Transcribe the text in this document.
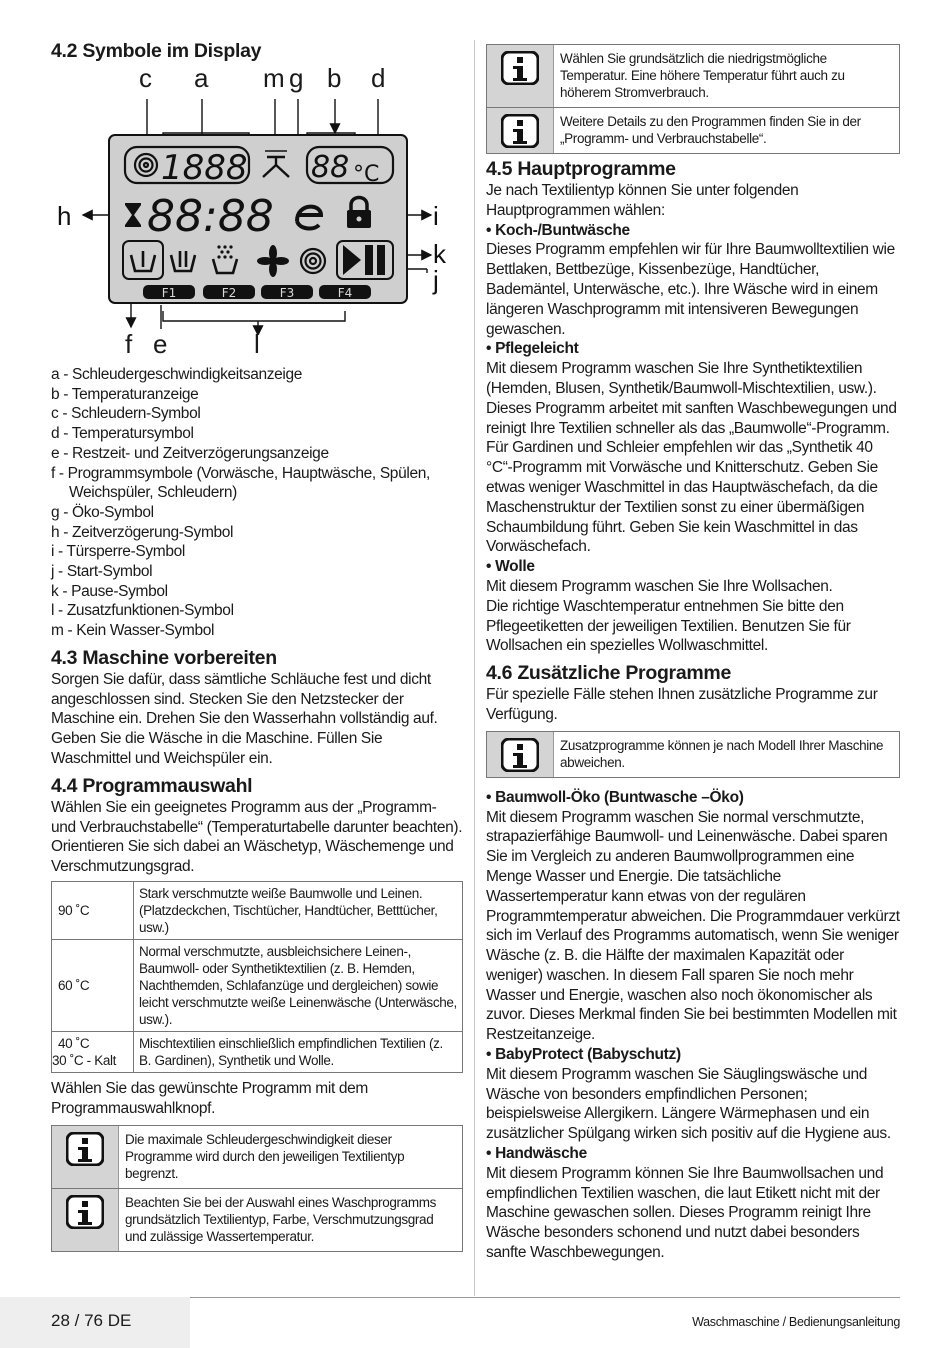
4.2 Symbole im Display
c a m g b d
1888 88 °C
88:88
F1	F2	F3	F4
h	i
k
j
f e	l
a - Schleudergeschwindigkeitsanzeige
b - Temperaturanzeige
c - Schleudern-Symbol
d - Temperatursymbol
e - Restzeit- und Zeitverzögerungsanzeige
f - Programmsymbole (Vorwäsche, Hauptwäsche, Spülen,
Weichspüler, Schleudern)
g - Öko-Symbol
h - Zeitverzögerung-Symbol
i - Türsperre-Symbol
j - Start-Symbol
k - Pause-Symbol
l - Zusatzfunktionen-Symbol
m - Kein Wasser-Symbol
4.3 Maschine vorbereiten

Sorgen Sie dafür, dass sämtliche Schläuche fest und dicht angeschlossen sind. Stecken Sie den Netzstecker der Maschine ein. Drehen Sie den Wasserhahn vollständig auf. Geben Sie die Wäsche in die Maschine. Füllen Sie Waschmittel und Weichspüler ein.

4.4 Programmauswahl

Wählen Sie ein geeignetes Programm aus der „Programm- und Verbrauchstabelle“ (Temperaturtabelle darunter beachten). Orientieren Sie sich dabei an Wäschetyp, Wäschemenge und Verschmutzungsgrad.

90 ˚C	Stark verschmutzte weiße Baumwolle und Leinen. (Platzdeckchen, Tischtücher, Handtücher, Betttücher, usw.)
60 ˚C	Normal verschmutzte, ausbleichsichere Leinen-, Baumwoll- oder Synthetiktextilien (z. B. Hemden, Nachthemden, Schlafanzüge und dergleichen) sowie leicht verschmutzte weiße Leinenwäsche (Unterwäsche, usw.).

40 ˚C
30 ˚C - Kalt	Mischtextilien einschließlich empfindlichen Textilien (z. B. Gardinen), Synthetik und Wolle.

Wählen Sie das gewünschte Programm mit dem Programmauswahlknopf.

Die maximale Schleudergeschwindigkeit dieser Programme wird durch den jeweiligen Textilientyp begrenzt.
Beachten Sie bei der Auswahl eines Waschprogramms grundsätzlich Textilientyp, Farbe, Verschmutzungsgrad und zulässige Wassertemperatur.
Wählen Sie grundsätzlich die niedrigstmögliche Temperatur. Eine höhere Temperatur führt auch zu höherem Stromverbrauch.
Weitere Details zu den Programmen finden Sie in der „Programm- und Verbrauchstabelle“.
4.5 Hauptprogramme

Je nach Textilientyp können Sie unter folgenden Hauptprogrammen wählen:

• Koch-/Buntwäsche

Dieses Programm empfehlen wir für Ihre Baumwolltextilien wie Bettlaken, Bettbezüge, Kissenbezüge, Handtücher, Bademäntel, Unterwäsche, etc.). Ihre Wäsche wird in einem längeren Waschprogramm mit intensiveren Bewegungen gewaschen.

• Pflegeleicht

Mit diesem Programm waschen Sie Ihre Synthetiktextilien (Hemden, Blusen, Synthetik/Baumwoll-Mischtextilien, usw.). Dieses Programm arbeitet mit sanften Waschbewegungen und reinigt Ihre Textilien schneller als das „Baumwolle“-Programm.

Für Gardinen und Schleier empfehlen wir das „Synthetik 40 °C“-Programm mit Vorwäsche und Knitterschutz. Geben Sie etwas weniger Waschmittel in das Hauptwäschefach, da die Maschenstruktur der Textilien sonst zu einer übermäßigen Schaumbildung führt. Geben Sie kein Waschmittel in das Vorwäschefach.

• Wolle

Mit diesem Programm waschen Sie Ihre Wollsachen.

Die richtige Waschtemperatur entnehmen Sie bitte den Pflegeetiketten der jeweiligen Textilien. Benutzen Sie für Wollsachen ein spezielles Wollwaschmittel.

4.6 Zusätzliche Programme

Für spezielle Fälle stehen Ihnen zusätzliche Programme zur Verfügung.

Zusatzprogramme können je nach Modell Ihrer Maschine abweichen.
• Baumwoll-Öko (Buntwasche –Öko)

Mit diesem Programm waschen Sie normal verschmutzte, strapazierfähige Baumwoll- und Leinenwäsche. Dabei sparen Sie im Vergleich zu anderen Baumwollprogrammen eine Menge Wasser und Energie. Die tatsächliche Wassertemperatur kann etwas von der regulären Programmtemperatur abweichen. Die Programmdauer verkürzt sich im Verlauf des Programms automatisch, wenn Sie weniger Wäsche (z. B. die Hälfte der maximalen Kapazität oder weniger) waschen. In diesem Fall sparen Sie noch mehr Wasser und Energie, waschen also noch ökonomischer als zuvor. Dieses Merkmal finden Sie bei bestimmten Modellen mit Restzeitanzeige.

• BabyProtect (Babyschutz)

Mit diesem Programm waschen Sie Säuglingswäsche und Wäsche von besonders empfindlichen Personen; beispielsweise Allergikern. Längere Wärmephasen und ein zusätzlicher Spülgang wirken sich positiv auf die Hygiene aus.

• Handwäsche

Mit diesem Programm können Sie Ihre Baumwollsachen und empfindlichen Textilien waschen, die laut Etikett nicht mit der Maschine gewaschen sollen. Dieses Programm reinigt Ihre Wäsche besonders schonend und nutzt dabei besonders sanfte Waschbewegungen.

28 / 76 DE	Waschmaschine / Bedienungsanleitung
